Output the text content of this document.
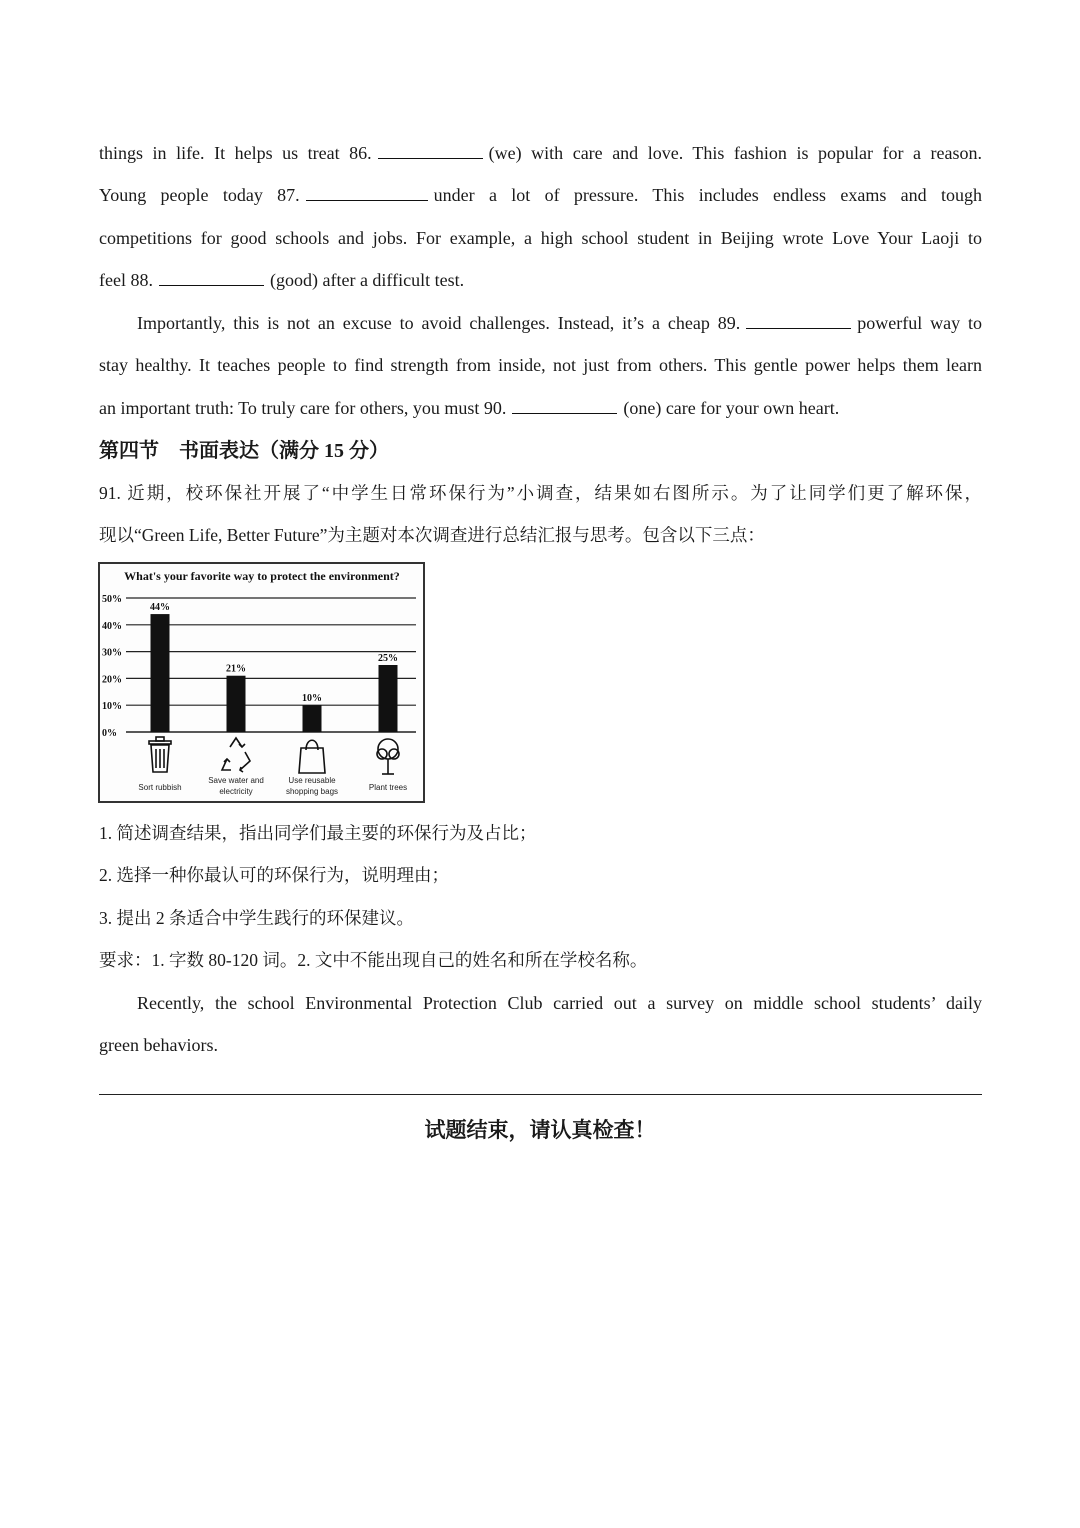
things in life. It helps us treat 86.	(we) with care and love. This fashion is popular for a reason.
Young people today 87.	under a lot of pressure. This includes endless exams and tough
competitions for good schools and jobs. For example, a high school student in Beijing wrote Love Your Laoji to
feel 88.	(good) after a difficult test.
Importantly, this is not an excuse to avoid challenges. Instead, it’s a cheap 89.	powerful way to
stay healthy. It teaches people to find strength from inside, not just from others. This gentle power helps them learn
an important truth: To truly care for others, you must 90.	(one) care for your own heart.
第四节　书面表达（满分 15 分）
91. 近期，校环保社开展了“中学生日常环保行为”小调查，结果如右图所示。为了让同学们更了解环保，
现以“Green Life, Better Future”为主题对本次调查进行总结汇报与思考。包含以下三点：
What's your favorite way to protect the environment?
0%
10%
20%
30%
40%
50%
44%
21%
10%
25%
Sort rubbish
Save water and
electricity
Use reusable
shopping bags	Plant trees
1. 简述调查结果，指出同学们最主要的环保行为及占比；
2. 选择一种你最认可的环保行为，说明理由；
3. 提出 2 条适合中学生践行的环保建议。
要求：1. 字数 80-120 词。2. 文中不能出现自己的姓名和所在学校名称。
Recently, the school Environmental Protection Club carried out a survey on middle school students’ daily
green behaviors.
试题结束，请认真检查！
